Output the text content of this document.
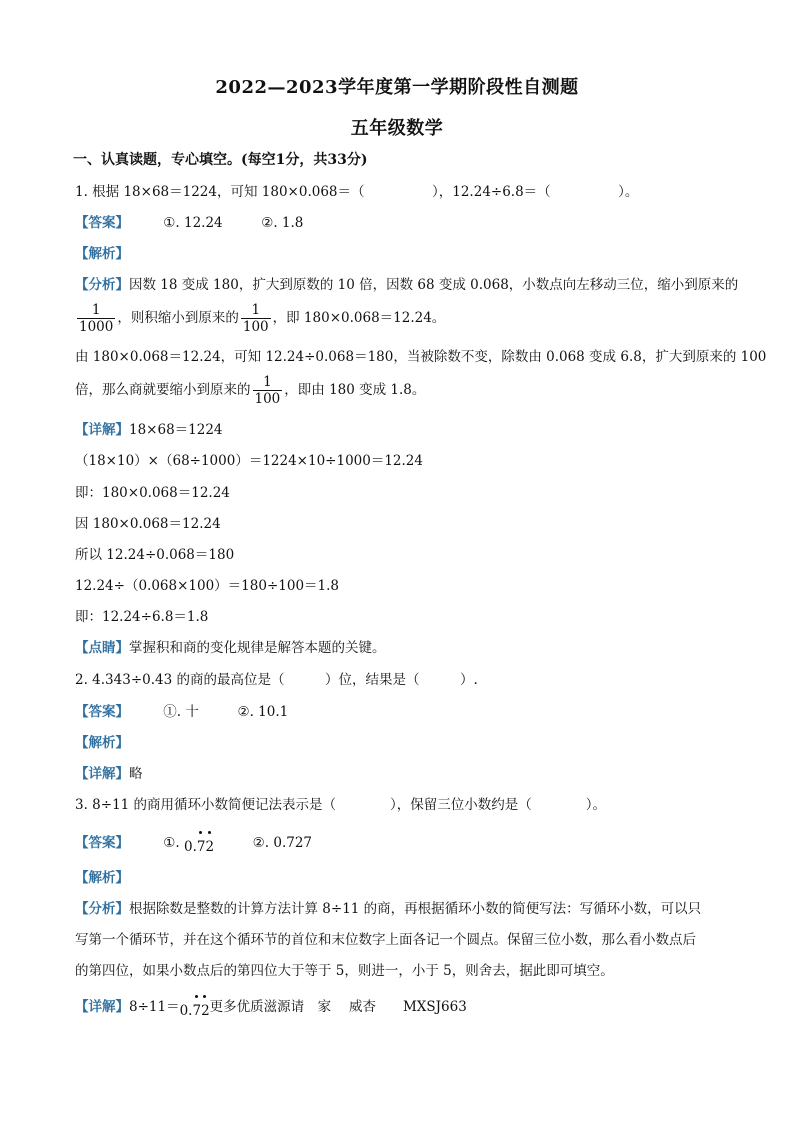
2022—2023学年度第一学期阶段性自测题
五年级数学
一、认真读题，专心填空。(每空1分，共33分)
1. 根据 18×68＝1224，可知 180×0.068＝（　　　　　），12.24÷6.8＝（　　　　　）。
【答案】	①. 12.24	②. 1.8
【解析】
【分析】因数 18 变成 180，扩大到原数的 10 倍，因数 68 变成 0.068，小数点向左移动三位，缩小到原来的
$\frac{1}{1000}$ ，则积缩小到原来的 $\frac{1}{100}$ ，即 180×0.068＝12.24。
由 180×0.068＝12.24，可知 12.24÷0.068＝180，当被除数不变，除数由 0.068 变成 6.8，扩大到原来的 100
倍，那么商就要缩小到原来的 $\frac{1}{100}$ ，即由 180 变成 1.8。
【详解】18×68＝1224
（18×10）×（68÷1000）＝1224×10÷1000＝12.24
即：180×0.068＝12.24
因 180×0.068＝12.24
所以 12.24÷0.068＝180
12.24÷（0.068×100）＝180÷100＝1.8
即：12.24÷6.8＝1.8
【点睛】掌握积和商的变化规律是解答本题的关键。
2. 4.343÷0.43 的商的最高位是（　　　）位，结果是（　　　）.
【答案】	①. 十	②. 10.1
【解析】
【详解】略
3. 8÷11 的商用循环小数简便记法表示是（　　　　），保留三位小数约是（　　　　）。
【答案】	①. 0.
7
2	②. 0.727
【解析】
【分析】根据除数是整数的计算方法计算 8÷11 的商，再根据循环小数的简便写法：写循环小数，可以只
写第一个循环节，并在这个循环节的首位和末位数字上面各记一个圆点。保留三位小数，那么看小数点后
的第四位，如果小数点后的第四位大于等于 5，则进一，小于 5，则舍去，据此即可填空。
【详解】8÷11＝0.
7
2更多优质滋源请　家　 威杏　　MXSJ663
